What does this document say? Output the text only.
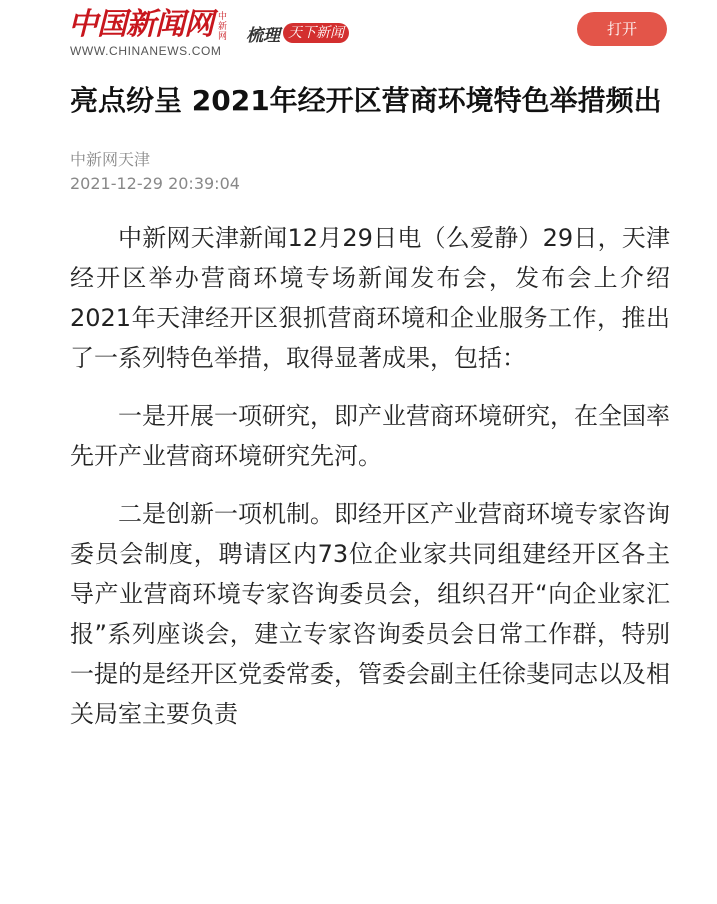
中国新闻网 中新网
WWW.CHINANEWS.COM
梳理 天下新闻	打开
亮点纷呈 2021年经开区营商环境特色举措频出
中新网天津
2021-12-29 20:39:04

中新网天津新闻12月29日电（么爱静）29日，天津经开区举办营商环境专场新闻发布会，发布会上介绍2021年天津经开区狠抓营商环境和企业服务工作，推出了一系列特色举措，取得显著成果，包括：

一是开展一项研究，即产业营商环境研究，在全国率先开产业营商环境研究先河。

二是创新一项机制。即经开区产业营商环境专家咨询委员会制度，聘请区内73位企业家共同组建经开区各主导产业营商环境专家咨询委员会，组织召开“向企业家汇报”系列座谈会，建立专家咨询委员会日常工作群，特别一提的是经开区党委常委，管委会副主任徐斐同志以及相关局室主要负责
